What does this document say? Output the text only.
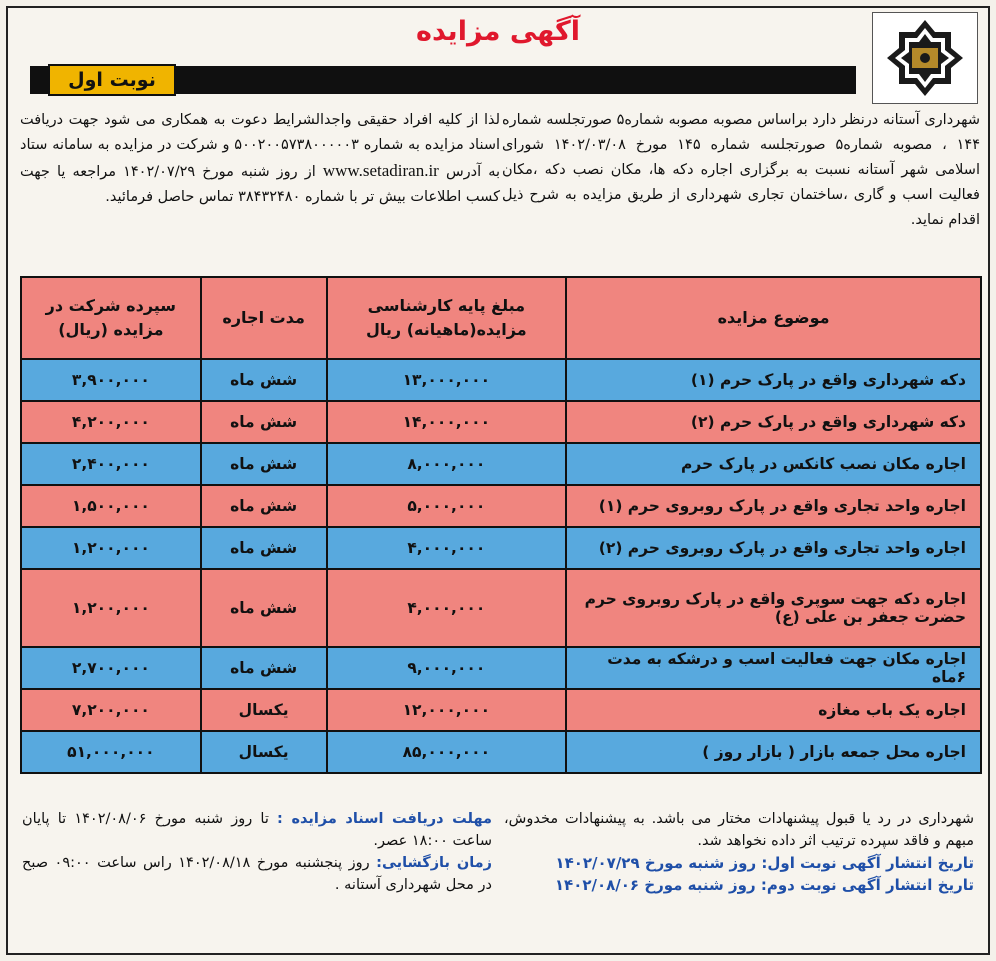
آگهی مزایده
نوبت اول
شهرداری آستانه درنظر دارد براساس مصوبه مصوبه شماره۵ صورتجلسه شماره ۱۴۴ ، مصوبه شماره۵ صورتجلسه شماره ۱۴۵ مورخ ۱۴۰۲/۰۳/۰۸ شورای اسلامی شهر آستانه نسبت به برگزاری اجاره دکه ها، مکان نصب دکه ،مکان فعالیت اسب و گاری ،ساختمان تجاری شهرداری از طریق مزایده به شرح ذیل اقدام نماید.
لذا از کلیه افراد حقیقی واجدالشرایط دعوت به همکاری می شود جهت دریافت اسناد مزایده به شماره ۵۰۰۲۰۰۵۷۳۸۰۰۰۰۰۳ و شرکت در مزایده به سامانه ستاد به آدرس www.setadiran.ir از روز شنبه مورخ ۱۴۰۲/۰۷/۲۹ مراجعه یا جهت کسب اطلاعات بیش تر با شماره ۳۸۴۳۲۴۸۰ تماس حاصل فرمائید.
موضوع مزایده	مبلغ پایه کارشناسی مزایده(ماهیانه) ریال	مدت اجاره	سپرده شرکت در مزایده (ریال)
دکه شهرداری واقع در پارک حرم (۱)	۱۳,۰۰۰,۰۰۰	شش ماه	۳,۹۰۰,۰۰۰
دکه شهرداری واقع در پارک حرم (۲)	۱۴,۰۰۰,۰۰۰	شش ماه	۴,۲۰۰,۰۰۰
اجاره مکان نصب کانکس در پارک حرم	۸,۰۰۰,۰۰۰	شش ماه	۲,۴۰۰,۰۰۰
اجاره واحد تجاری واقع در پارک روبروی حرم (۱)	۵,۰۰۰,۰۰۰	شش ماه	۱,۵۰۰,۰۰۰
اجاره واحد تجاری واقع در پارک روبروی حرم (۲)	۴,۰۰۰,۰۰۰	شش ماه	۱,۲۰۰,۰۰۰
اجاره دکه جهت سوپری واقع در پارک روبروی حرم حضرت جعفر بن علی (ع)	۴,۰۰۰,۰۰۰	شش ماه	۱,۲۰۰,۰۰۰
اجاره مکان جهت فعالیت اسب و درشکه به مدت ۶ماه	۹,۰۰۰,۰۰۰	شش ماه	۲,۷۰۰,۰۰۰
اجاره یک باب مغازه	۱۲,۰۰۰,۰۰۰	یکسال	۷,۲۰۰,۰۰۰
اجاره محل جمعه بازار ( بازار روز )	۸۵,۰۰۰,۰۰۰	یکسال	۵۱,۰۰۰,۰۰۰
شهرداری در رد یا قبول پیشنهادات مختار می باشد. به پیشنهادات مخدوش، مبهم و فاقد سپرده ترتیب اثر داده نخواهد شد.
تاریخ انتشار آگهی نوبت اول: روز شنبه مورخ ۱۴۰۲/۰۷/۲۹
تاریخ انتشار آگهی نوبت دوم: روز شنبه مورخ ۱۴۰۲/۰۸/۰۶
مهلت دریافت اسناد مزایده : تا روز شنبه مورخ ۱۴۰۲/۰۸/۰۶ تا پایان ساعت ۱۸:۰۰ عصر.
زمان بازگشایی: روز پنجشنبه مورخ ۱۴۰۲/۰۸/۱۸ راس ساعت ۰۹:۰۰ صبح در محل شهرداری آستانه .
